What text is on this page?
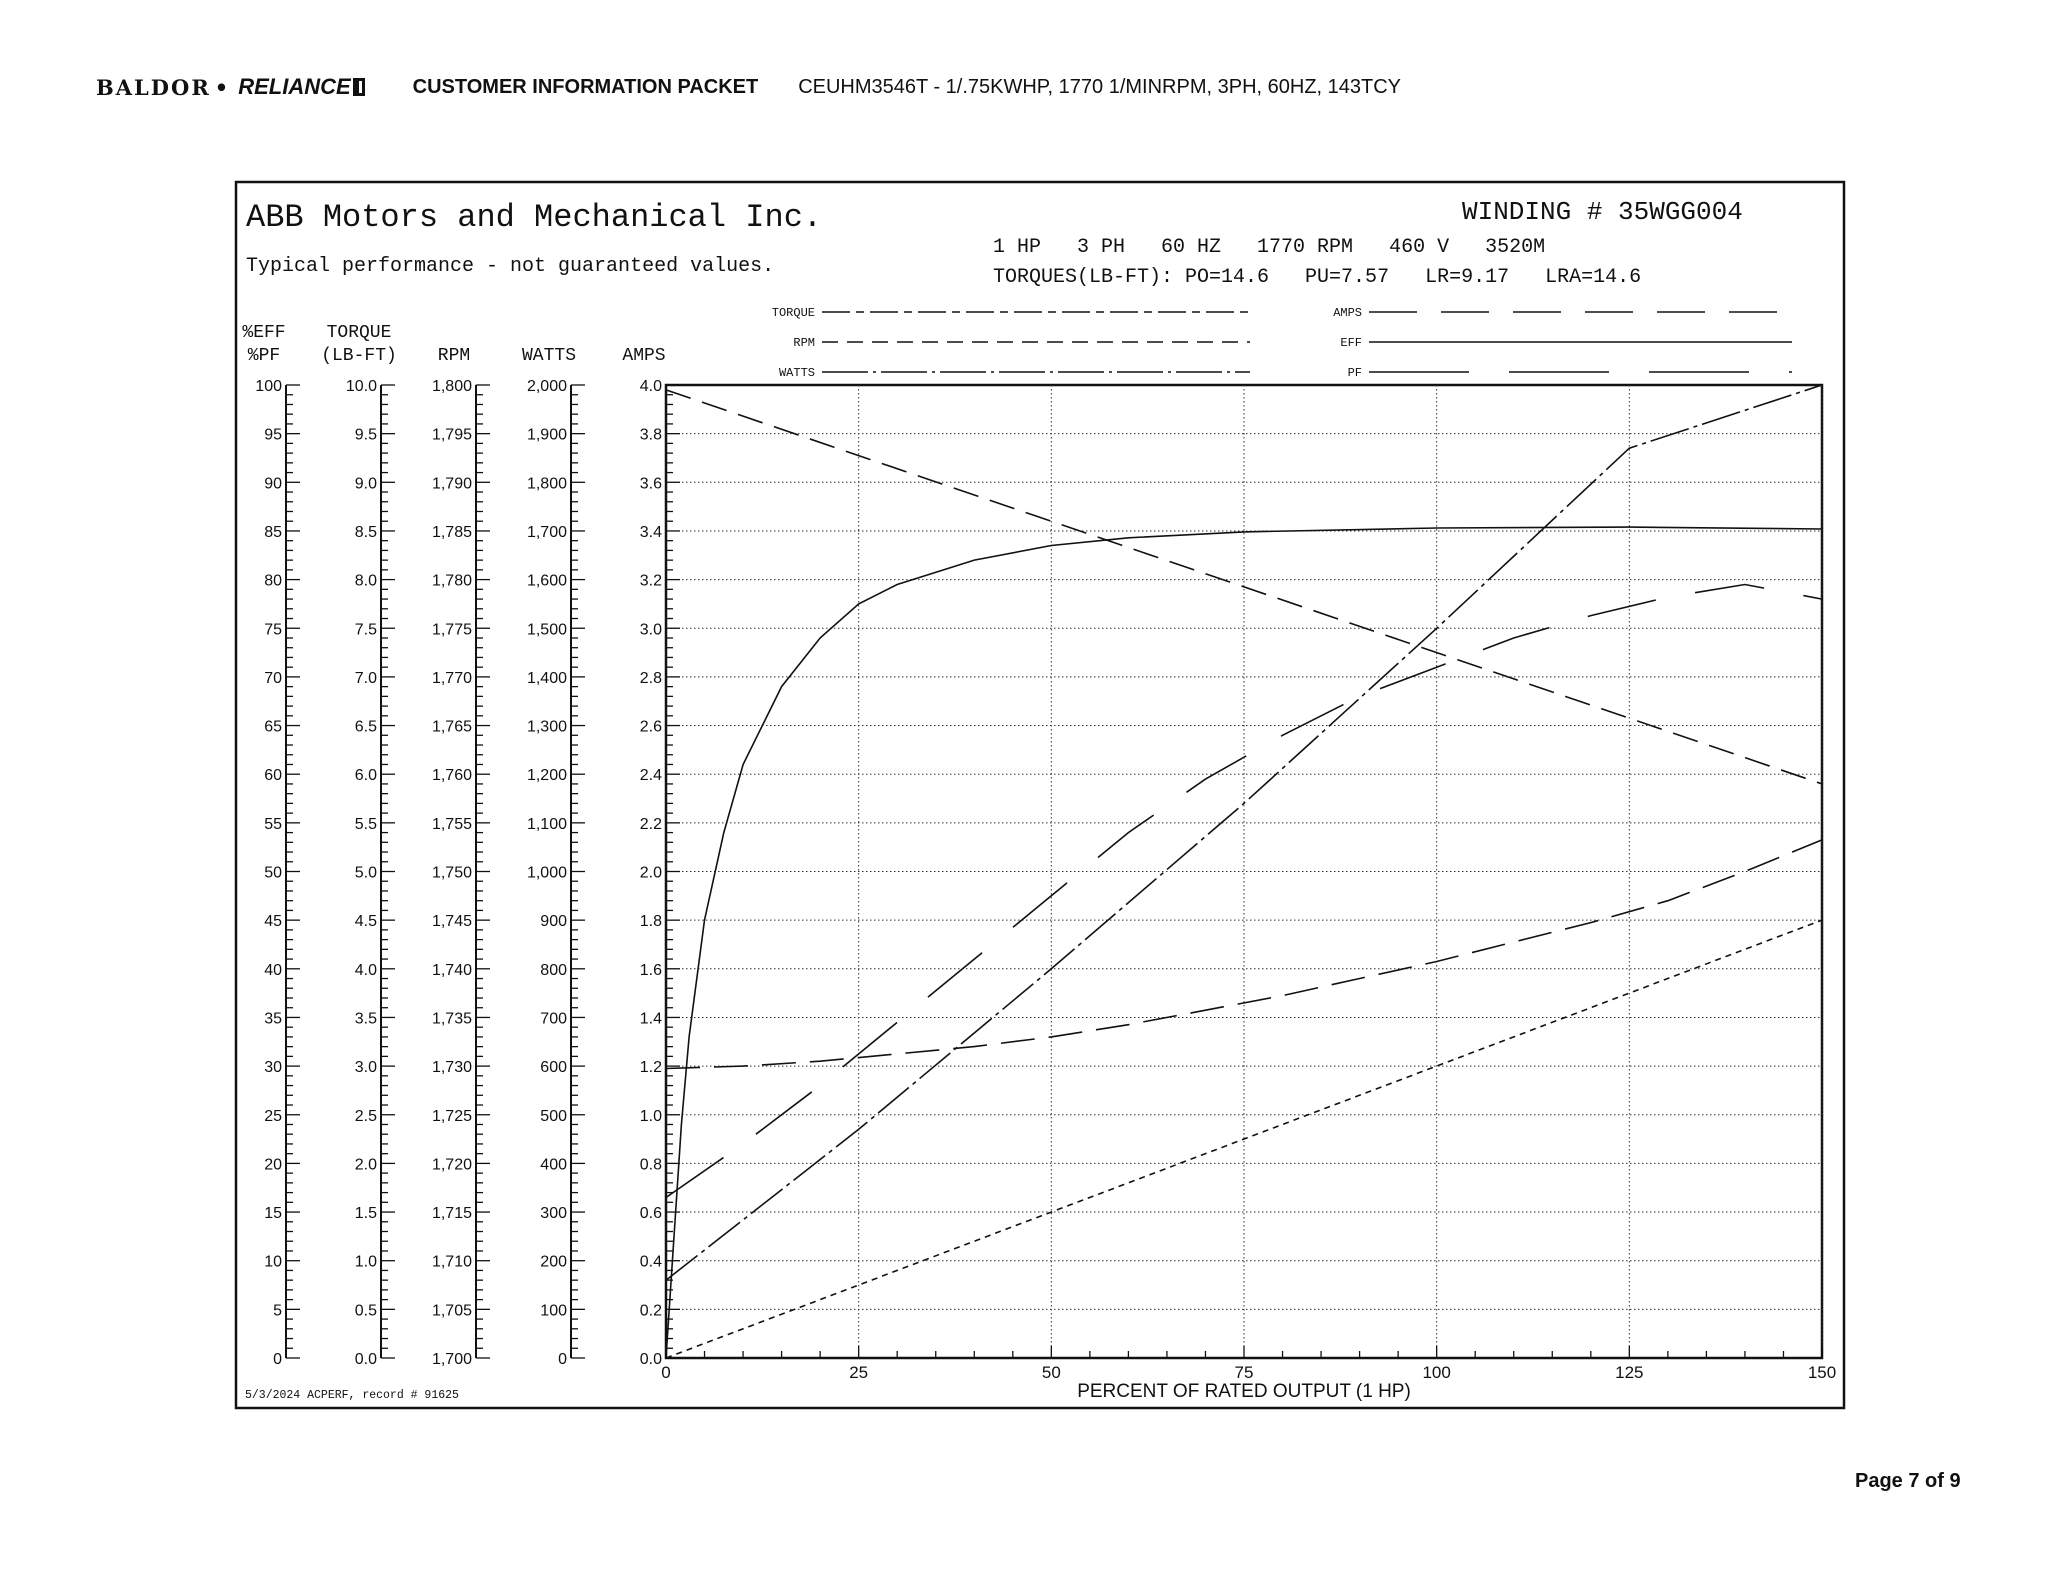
BALDOR • RELIANCE	CUSTOMER INFORMATION PACKET CEUHM3546T - 1/.75KWHP, 1770 1/MINRPM, 3PH, 60HZ, 143TCY
ABB Motors and Mechanical Inc.
Typical performance - not guaranteed values.
WINDING # 35WGG004
1 HP   3 PH   60 HZ   1770 RPM   460 V   3520M
TORQUES(LB-FT): PO=14.6   PU=7.57   LR=9.17   LRA=14.6
5/3/2024 ACPERF, record # 91625	PERCENT OF RATED OUTPUT (1 HP)
0
5
10
15
20
25
30
35
40
45
50
55
60
65
70
75
80
85
90
95
100
%EFF
%PF
0.0
0.5
1.0
1.5
2.0
2.5
3.0
3.5
4.0
4.5
5.0
5.5
6.0
6.5
7.0
7.5
8.0
8.5
9.0
9.5
10.0
TORQUE
(LB-FT)
1,700
1,705
1,710
1,715
1,720
1,725
1,730
1,735
1,740
1,745
1,750
1,755
1,760
1,765
1,770
1,775
1,780
1,785
1,790
1,795
1,800
RPM
0
100
200
300
400
500
600
700
800
900
1,000
1,100
1,200
1,300
1,400
1,500
1,600
1,700
1,800
1,900
2,000
WATTS
0.0
0.2
0.4
0.6
0.8
1.0
1.2
1.4
1.6
1.8
2.0
2.2
2.4
2.6
2.8
3.0
3.2
3.4
3.6
3.8
4.0
AMPS
0	25	50	75	100	125	150
TORQUE
RPM
WATTS
AMPS
EFF
PF
Page 7 of 9
